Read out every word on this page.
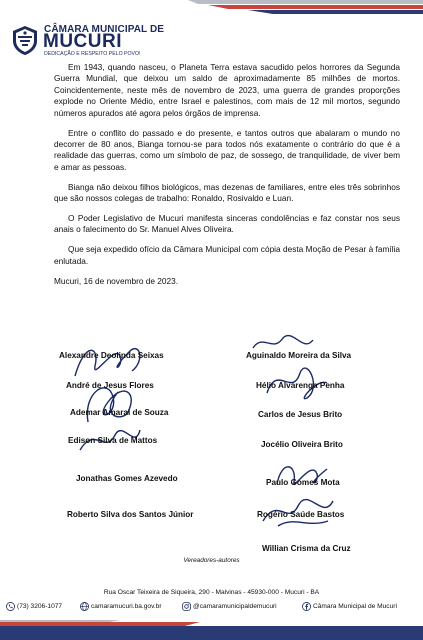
CÂMARA MUNICIPAL DE
MUCURI
DEDICAÇÃO E RESPEITO PELO POVO!

Em 1943, quando nasceu, o Planeta Terra estava sacudido pelos horrores da Segunda Guerra Mundial, que deixou um saldo de aproximadamente 85 milhões de mortos. Coincidentemente, neste mês de novembro de 2023, uma guerra de grandes proporções explode no Oriente Médio, entre Israel e palestinos, com mais de 12 mil mortos, segundo números apurados até agora pelos órgãos de imprensa.

Entre o conflito do passado e do presente, e tantos outros que abalaram o mundo no decorrer de 80 anos, Bianga tornou-se para todos nós exatamente o contrário do que é a realidade das guerras, como um símbolo de paz, de sossego, de tranquilidade, de viver bem e amar as pessoas.

Bianga não deixou filhos biológicos, mas dezenas de familiares, entre eles três sobrinhos que são nossos colegas de trabalho: Ronaldo, Rosivaldo e Luan.

O Poder Legislativo de Mucuri manifesta sinceras condolências e faz constar nos seus anais o falecimento do Sr. Manuel Alves Oliveira.

Que seja expedido ofício da Câmara Municipal com cópia desta Moção de Pesar à família enlutada.

Mucuri, 16 de novembro de 2023.

Alexandre Deolinda Seixas
André de Jesus Flores
Ademar Amaral de Souza
Edison Silva de Mattos
Jonathas Gomes Azevedo
Roberto Silva dos Santos Júnior
Aguinaldo Moreira da Silva
Hélio Alvarenga Penha
Carlos de Jesus Brito
Jocélio Oliveira Brito
Paulo Gomes Mota
Rogério Saúde Bastos
Willian Crisma da Cruz
Vereadores-autores
Rua Oscar Teixeira de Siqueira, 290 - Malvinas - 45930-000 - Mucuri - BA
(73) 3206-1077	camaramucuri.ba.gov.br	@camaramunicipaldemucuri	Câmara Municipal de Mucuri
